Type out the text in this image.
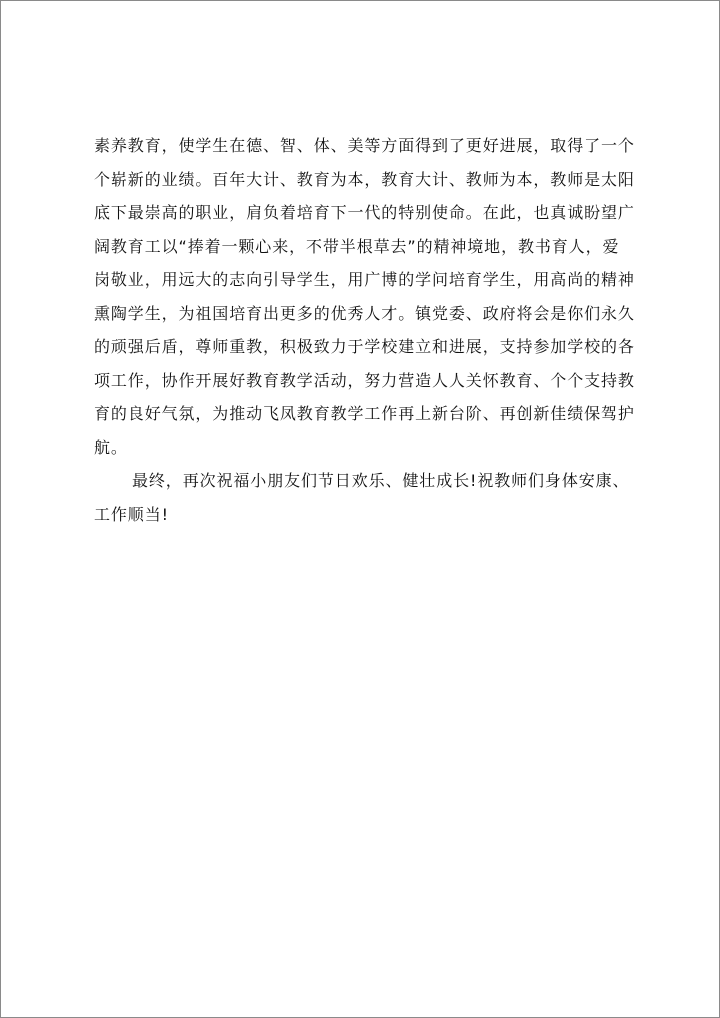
素养教育，使学生在德、智、体、美等方面得到了更好进展，取得了一个
个崭新的业绩。百年大计、教育为本，教育大计、教师为本，教师是太阳
底下最崇高的职业，肩负着培育下一代的特别使命。在此，也真诚盼望广
阔教育工以“捧着一颗心来，不带半根草去”的精神境地，教书育人，爱
岗敬业，用远大的志向引导学生，用广博的学问培育学生，用高尚的精神
熏陶学生，为祖国培育出更多的优秀人才。镇党委、政府将会是你们永久
的顽强后盾，尊师重教，积极致力于学校建立和进展，支持参加学校的各
项工作，协作开展好教育教学活动，努力营造人人关怀教育、个个支持教
育的良好气氛，为推动飞凤教育教学工作再上新台阶、再创新佳绩保驾护
航。
最终，再次祝福小朋友们节日欢乐、健壮成长!祝教师们身体安康、
工作顺当!
